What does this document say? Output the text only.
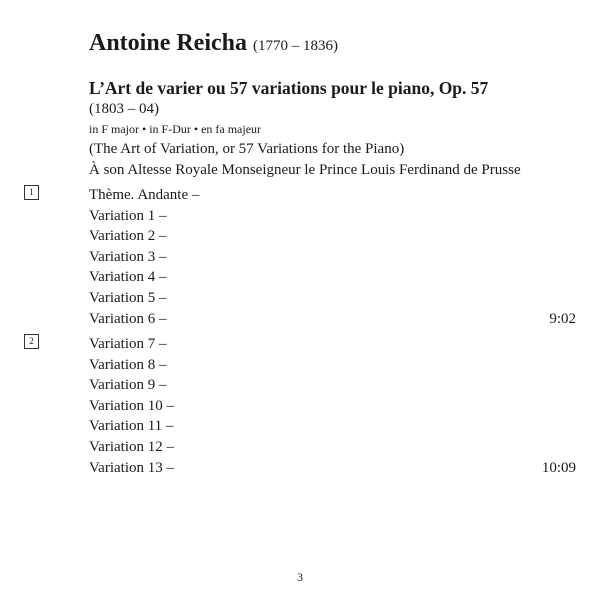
Antoine Reicha (1770 – 1836)
L’Art de varier ou 57 variations pour le piano, Op. 57
(1803 – 04)
in F major • in F-Dur • en fa majeur
(The Art of Variation, or 57 Variations for the Piano)
À son Altesse Royale Monseigneur le Prince Louis Ferdinand de Prusse
1	Thème. Andante –
Variation 1 –
Variation 2 –
Variation 3 –
Variation 4 –
Variation 5 –
Variation 6 –	9:02
2	Variation 7 –
Variation 8 –
Variation 9 –
Variation 10 –
Variation 11 –
Variation 12 –
Variation 13 –	10:09
3
